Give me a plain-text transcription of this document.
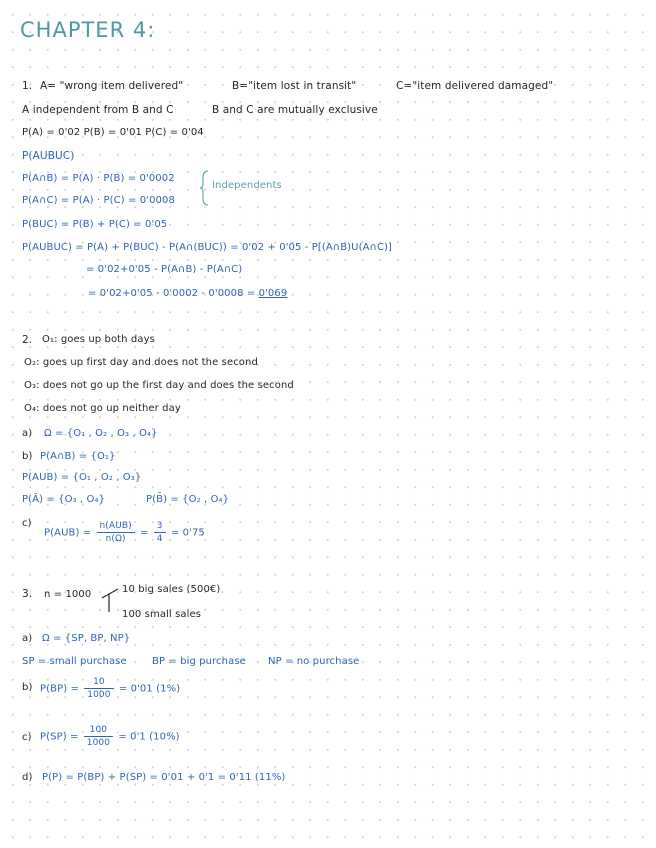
CHAPTER 4:
1. A= "wrong item delivered"	B="item lost in transit"	C="item delivered damaged"
A independent from B and C	B and C are mutually exclusive
P(A) = 0'02 P(B) = 0'01 P(C) = 0'04
P(AUBUC)
P(A∩B) = P(A) · P(B) = 0'0002
P(A∩C) = P(A) · P(C) = 0'0008
Independents
P(BUC) = P(B) + P(C) = 0'05
P(AUBUC) = P(A) + P(BUC) - P(A∩(BUC)) = 0'02 + 0'05 - P[(A∩B)U(A∩C)]
= 0'02+0'05 - P(A∩B) - P(A∩C)
= 0'02+0'05 - 0'0002 - 0'0008 = 0'069
2. O₁: goes up both days
O₂: goes up first day and does not the second
O₃: does not go up the first day and does the second
O₄: does not go up neither day
a) Ω = {O₁ , O₂ , O₃ , O₄}
b) P(A∩B) = {O₁}
P(AUB) = {O₁ , O₂ , O₃}
P(Ā) = {O₃ , O₄}	P(B̄) = {O₂ , O₄}
c)
$P(AUB) = \frac{\text{n(AUB)}}{n(\Omega)} = \frac{3}{4} = 0'75$
3. n = 1000	10 big sales (500€)
100 small sales
a) Ω = {SP, BP, NP}
SP = small purchase	BP = big purchase NP = no purchase
b) $P(BP) = \frac{10}{1000} = 0'01$ (1%)
c) $P(SP) = \frac{100}{1000} = 0'1$ (10%)
d) P(P) = P(BP) + P(SP) = 0'01 + 0'1 = 0'11 (11%)
